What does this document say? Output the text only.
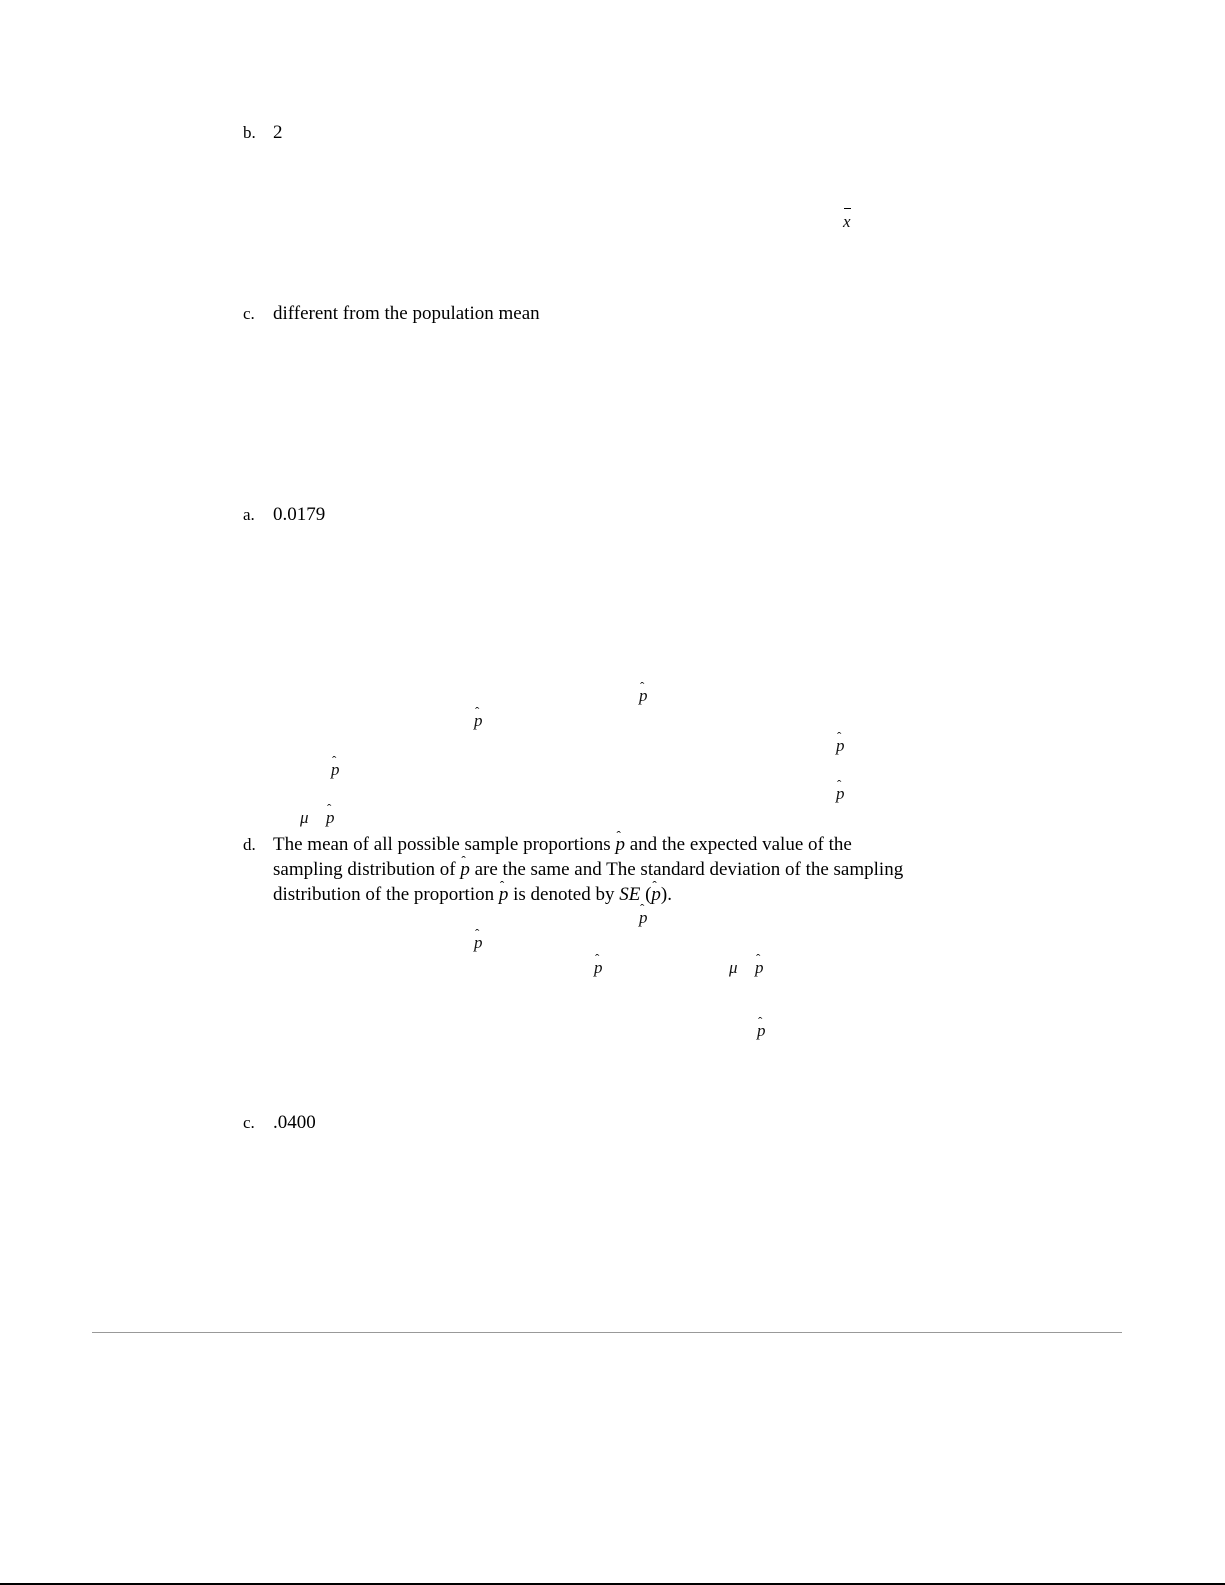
b. 2
x
c. different from the population mean
a. 0.0179
ˆ p
ˆ p
ˆ p
ˆ p
ˆ p
μ ˆ p
d. The mean of all possible sample proportions ˆ p and the expected value of the sampling distribution of ˆ p are the same and The standard deviation of the sampling distribution of the proportion ˆ p is denoted by SE (ˆ p).
ˆ p
ˆ p
ˆ p	μ ˆ p
ˆ p
c. .0400
